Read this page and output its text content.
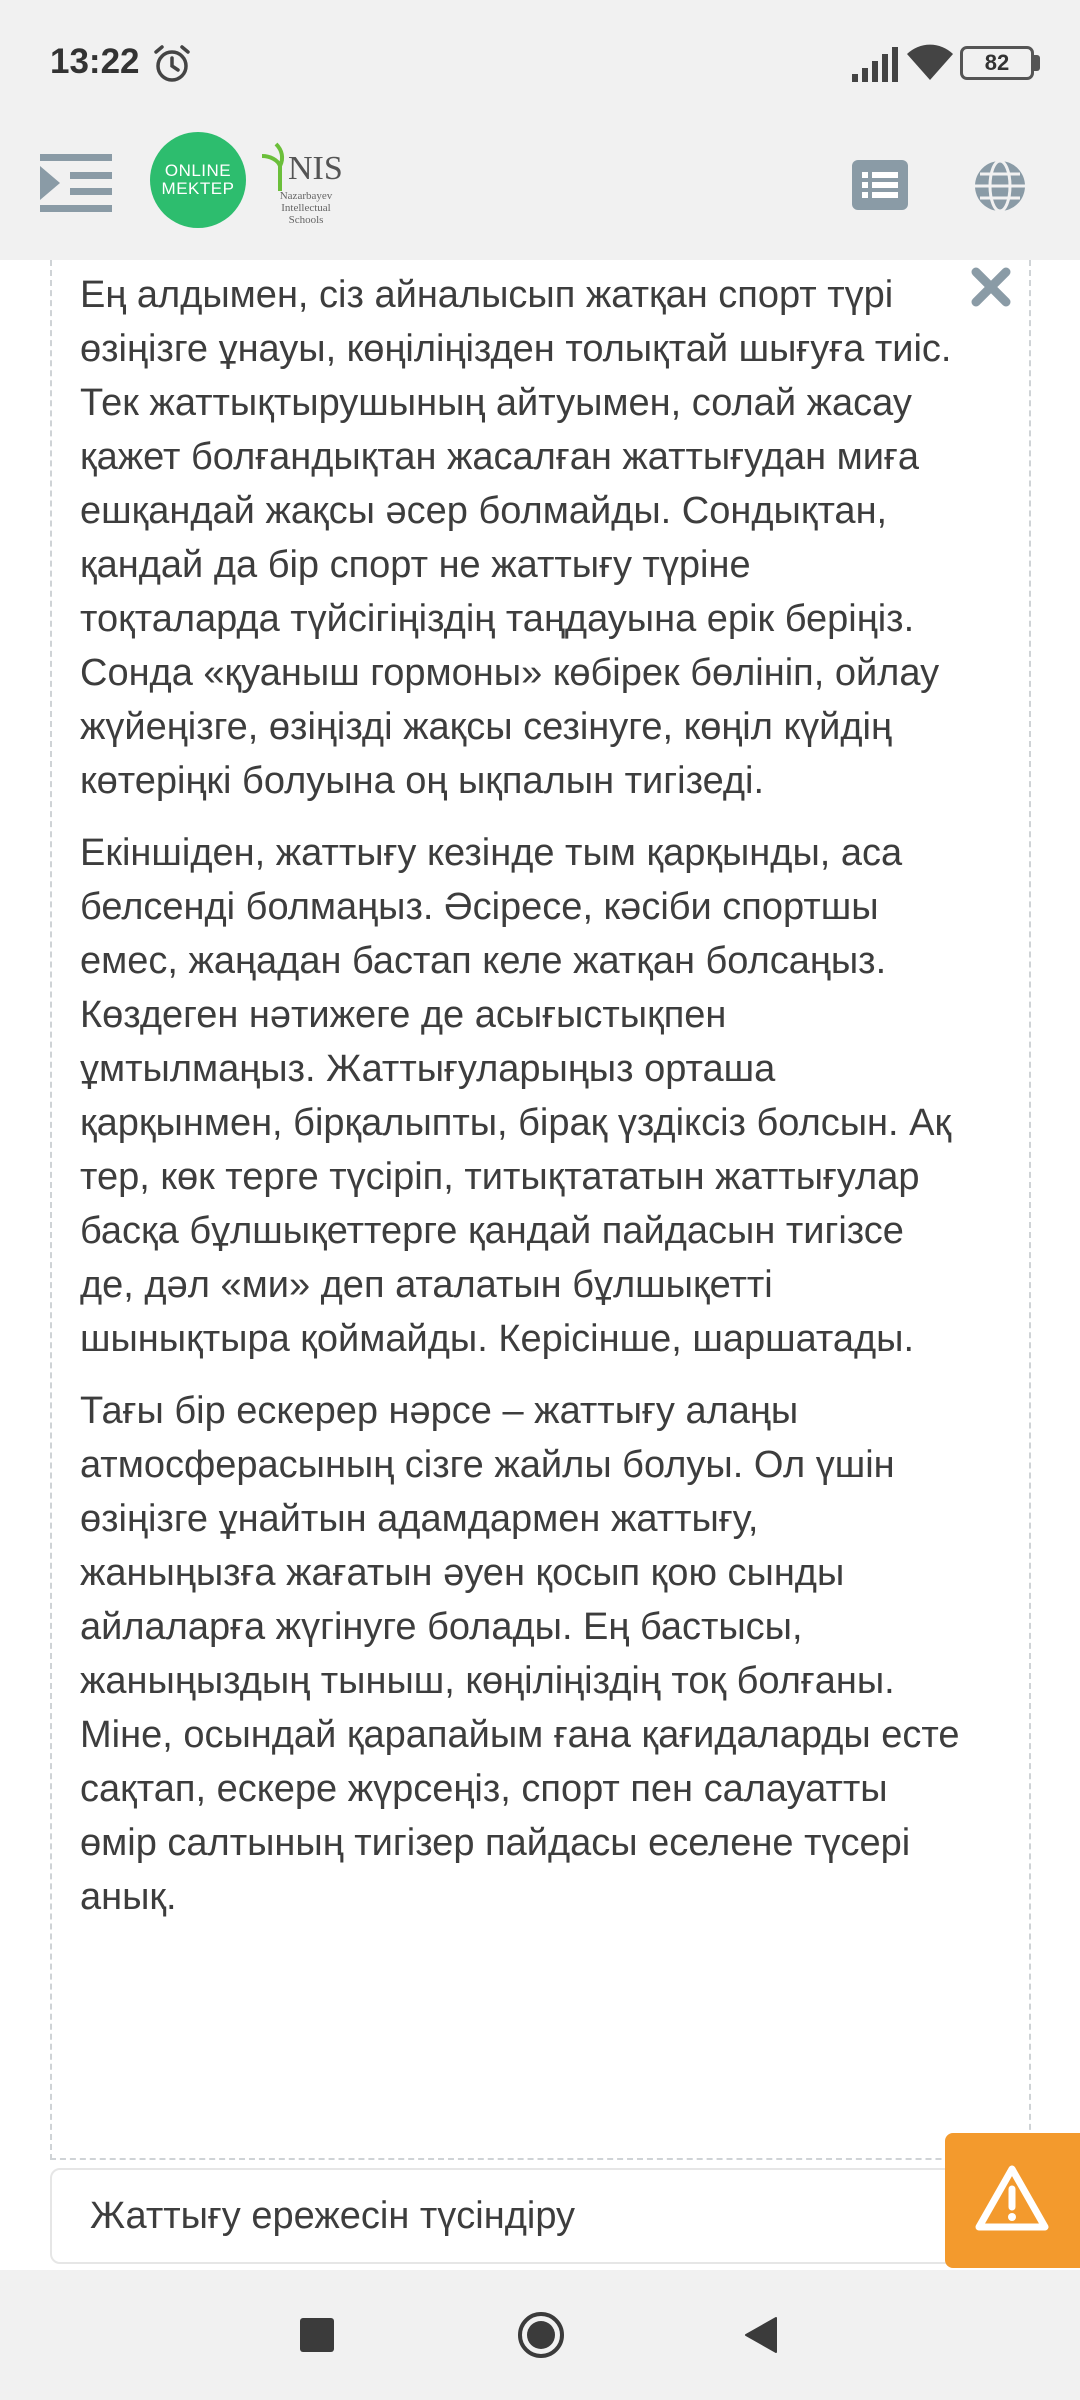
13:22	82
ONLINE
MEKTEP
NIS
Nazarbayev Intellectual Schools

Ең алдымен, сіз айналысып жатқан спорт түрі өзіңізге ұнауы, көңіліңізден толықтай шығуға тиіс. Тек жаттықтырушының айтуымен, солай жасау қажет болғандықтан жасалған жаттығудан миға ешқандай жақсы әсер болмайды. Сондықтан, қандай да бір спорт не жаттығу түріне тоқталарда түйсігіңіздің таңдауына ерік беріңіз. Сонда «қуаныш гормоны» көбірек бөлініп, ойлау жүйеңізге, өзіңізді жақсы сезінуге, көңіл күйдің көтеріңкі болуына оң ықпалын тигізеді.

Екіншіден, жаттығу кезінде тым қарқынды, аса белсенді болмаңыз. Әсіресе, кәсіби спортшы емес, жаңадан бастап келе жатқан болсаңыз. Көздеген нәтижеге де асығыстықпен ұмтылмаңыз. Жаттығуларыңыз орташа қарқынмен, бірқалыпты, бірақ үздіксіз болсын. Ақ тер, көк терге түсіріп, титықтататын жаттығулар басқа бұлшықеттерге қандай пайдасын тигізсе де, дәл «ми» деп аталатын бұлшықетті шынықтыра қоймайды. Керісінше, шаршатады.

Тағы бір ескерер нәрсе – жаттығу алаңы атмосферасының сізге жайлы болуы. Ол үшін өзіңізге ұнайтын адамдармен жаттығу, жаныңызға жағатын әуен қосып қою сынды айлаларға жүгінуге болады. Ең бастысы, жаныңыздың тыныш, көңіліңіздің тоқ болғаны. Міне, осындай қарапайым ғана қағидаларды есте сақтап, ескере жүрсеңіз, спорт пен салауатты өмір салтының тигізер пайдасы еселене түсері анық.

Жаттығу ережесін түсіндіру
